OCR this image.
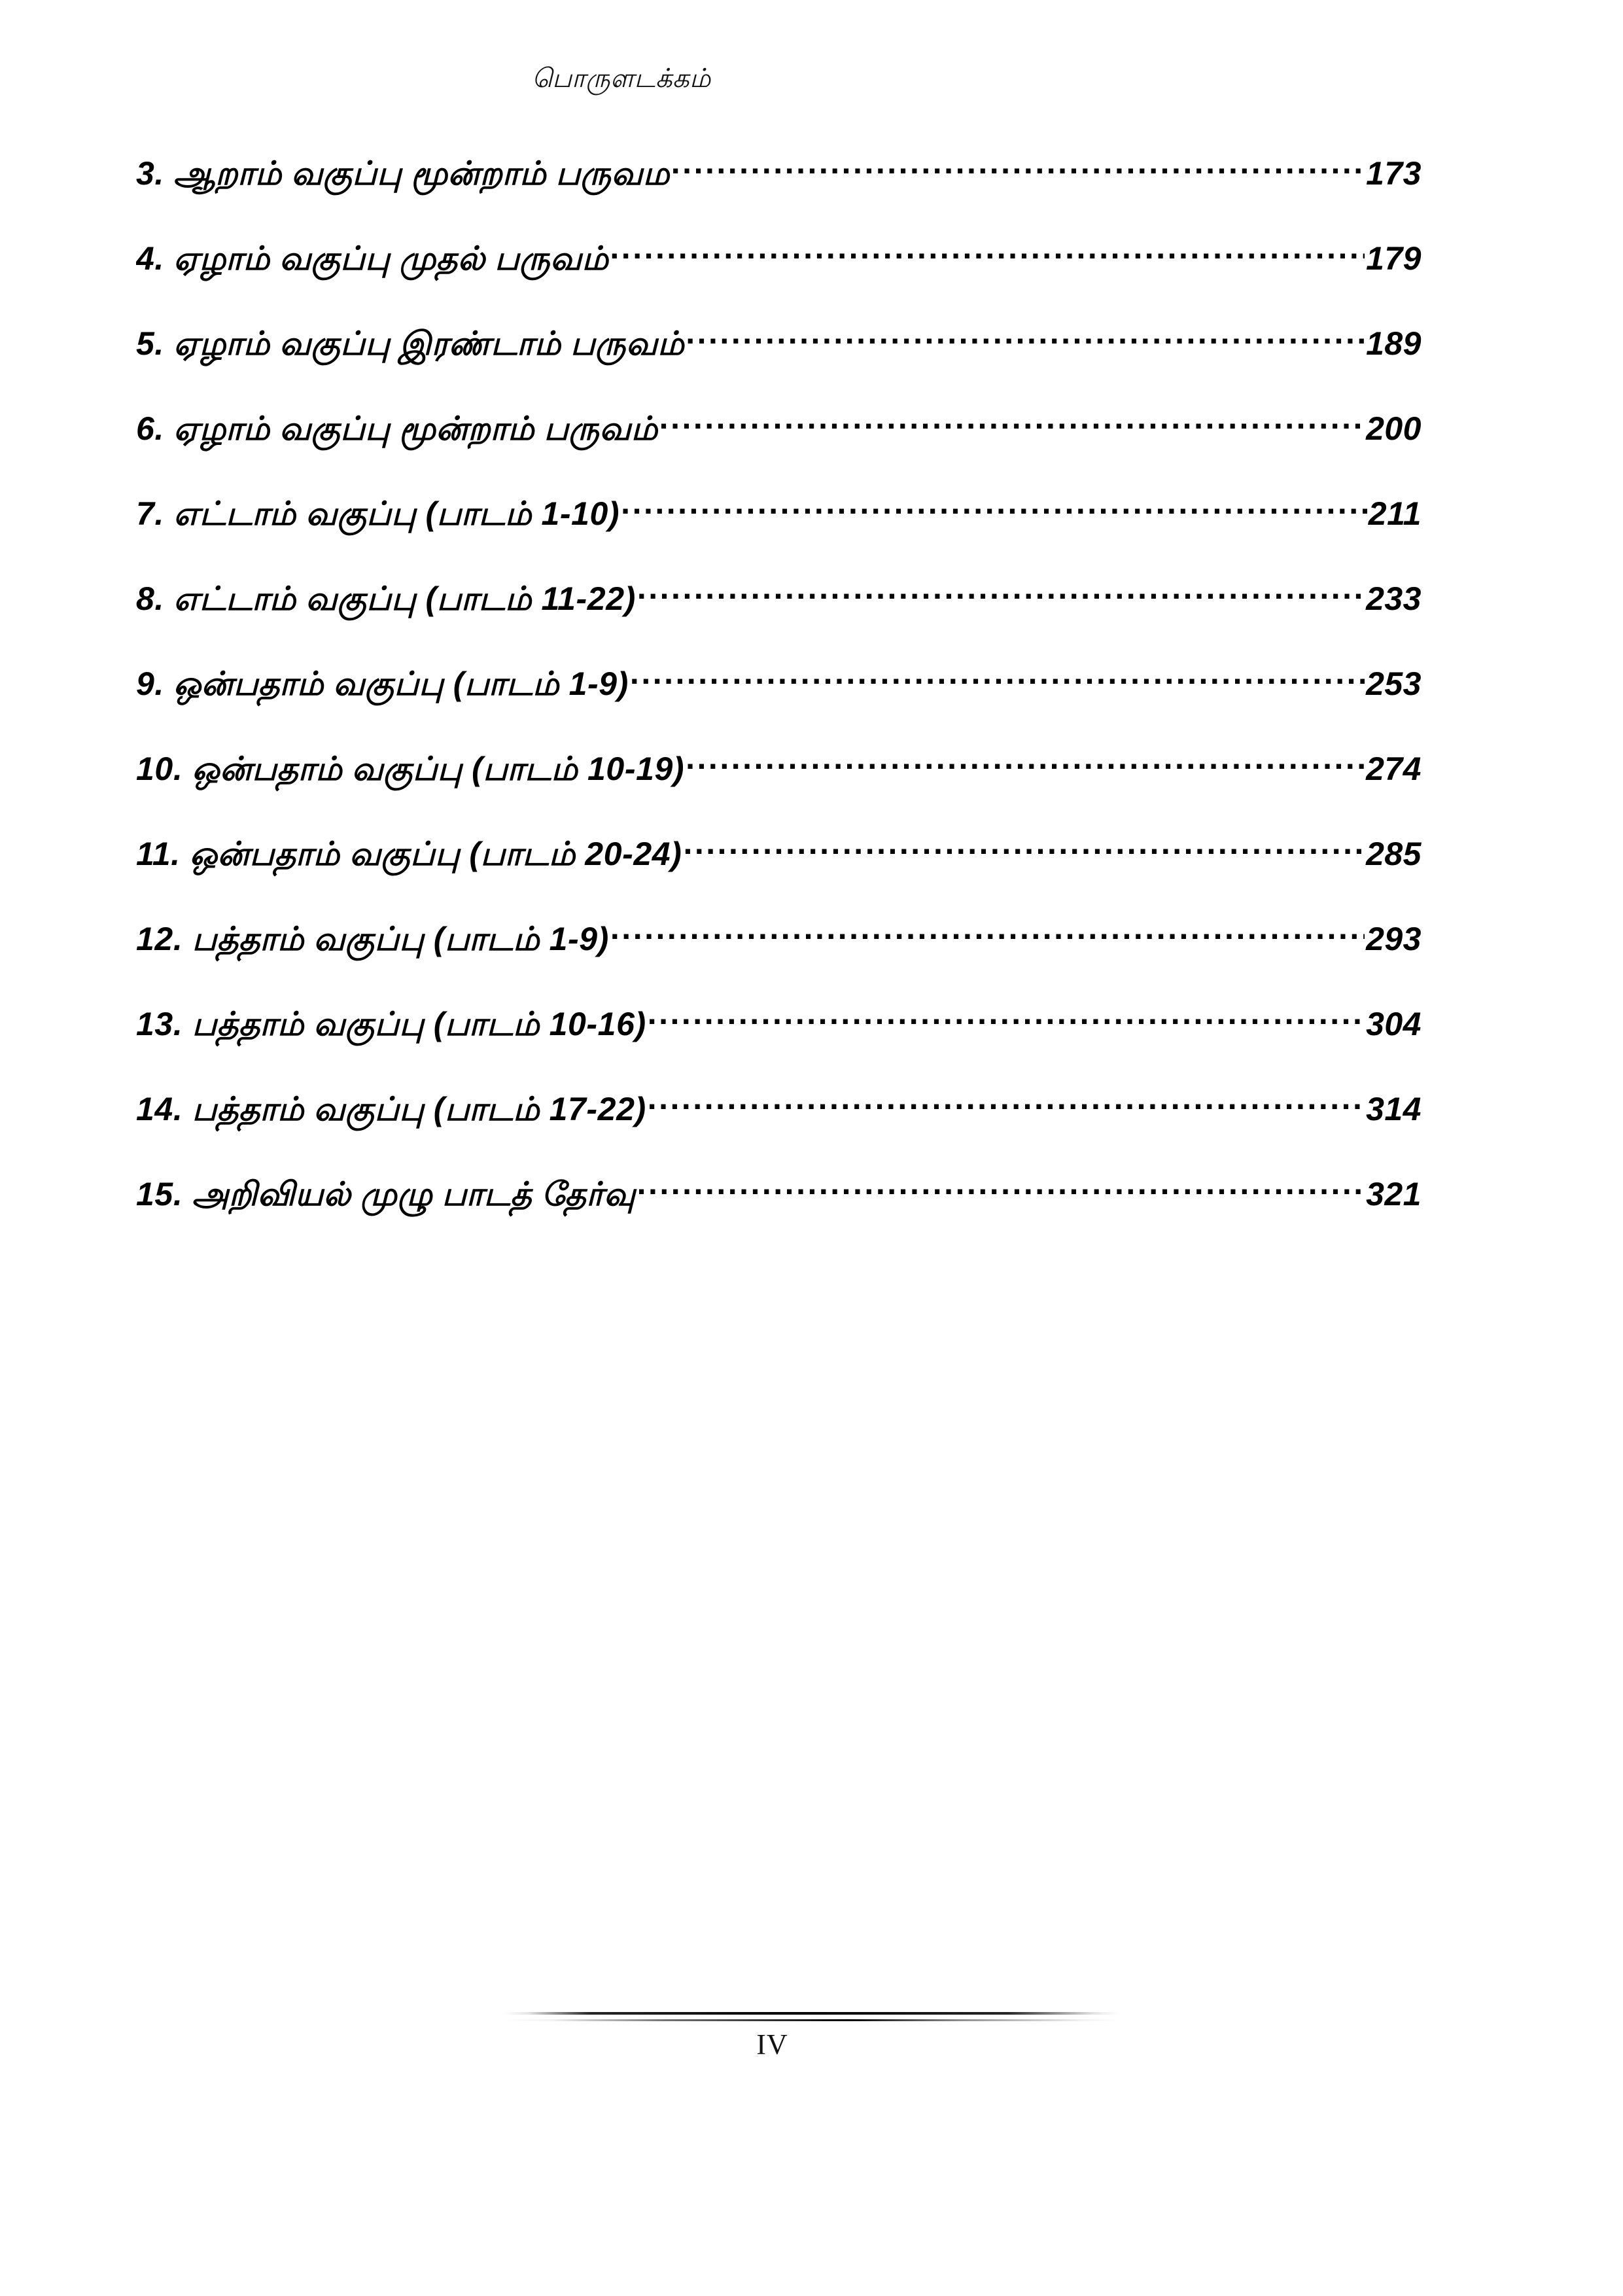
பொருளடக்கம்
3. ஆறாம் வகுப்பு மூன்றாம் பருவம .....	173
4. ஏழாம் வகுப்பு முதல் பருவம் .....	179
5. ஏழாம் வகுப்பு இரண்டாம் பருவம் .....	189
6. ஏழாம் வகுப்பு மூன்றாம் பருவம் .....	200
7. எட்டாம் வகுப்பு (பாடம் 1-10) .....	211
8. எட்டாம் வகுப்பு (பாடம் 11-22) .....	233
9. ஒன்பதாம் வகுப்பு (பாடம் 1-9) .....	253
10. ஒன்பதாம் வகுப்பு (பாடம் 10-19) .....	274
11. ஒன்பதாம் வகுப்பு (பாடம் 20-24) .....	285
12. பத்தாம் வகுப்பு (பாடம் 1-9) .....	293
13. பத்தாம் வகுப்பு (பாடம் 10-16) .....	304
14. பத்தாம் வகுப்பு (பாடம் 17-22) .....	314
15. அறிவியல் முழு பாடத் தேர்வு .....	321
IV
